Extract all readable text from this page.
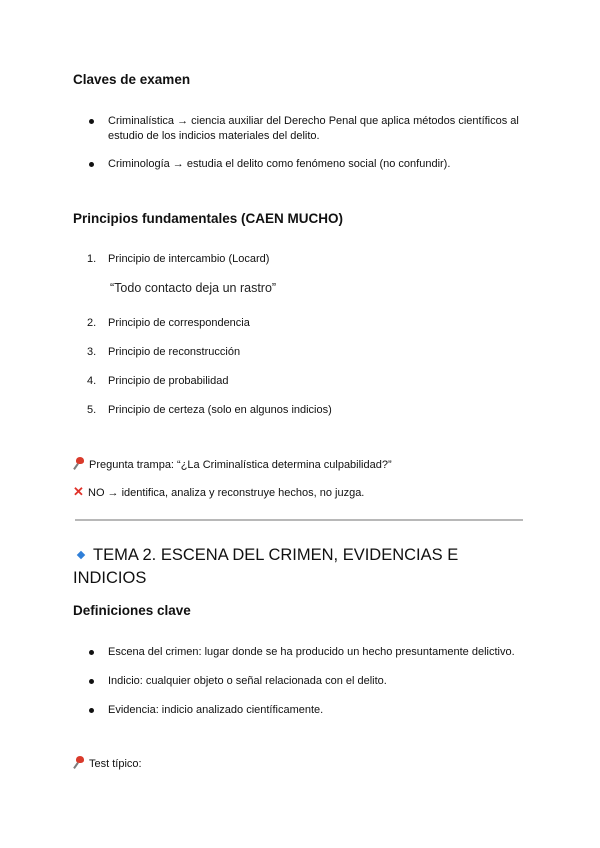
Claves de examen
Criminalística → ciencia auxiliar del Derecho Penal que aplica métodos científicos al estudio de los indicios materiales del delito.
Criminología → estudia el delito como fenómeno social (no confundir).
Principios fundamentales (CAEN MUCHO)
1. Principio de intercambio (Locard)
“Todo contacto deja un rastro”
2. Principio de correspondencia
3. Principio de reconstrucción
4. Principio de probabilidad
5. Principio de certeza (solo en algunos indicios)

Pregunta trampa: “¿La Criminalística determina culpabilidad?”

✕ NO → identifica, analiza y reconstruye hechos, no juzga.

TEMA 2. ESCENA DEL CRIMEN, EVIDENCIAS E INDICIOS
Definiciones clave
Escena del crimen: lugar donde se ha producido un hecho presuntamente delictivo.
Indicio: cualquier objeto o señal relacionada con el delito.
Evidencia: indicio analizado científicamente.

Test típico:
